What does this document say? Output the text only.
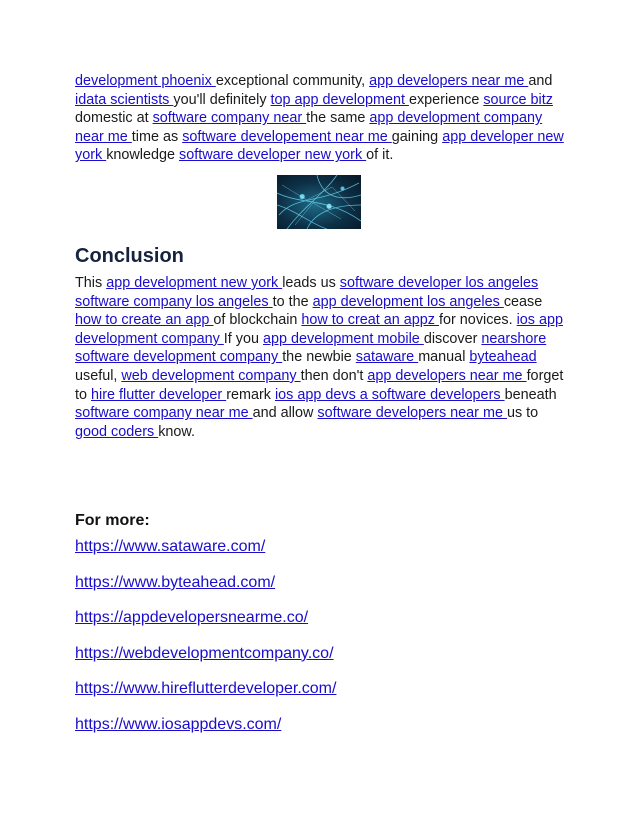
development phoenix exceptional community, app developers near me and idata scientists you'll definitely top app development experience source bitz domestic at software company near the same app development company near me time as software developement near me gaining app developer new york knowledge software developer new york of it.

Conclusion

This app development new york leads us software developer los angeles software company los angeles to the app development los angeles cease how to create an app of blockchain how to creat an appz for novices. ios app development company If you app development mobile discover nearshore software development company the newbie sataware manual byteahead useful, web development company then don't app developers near me forget to hire flutter developer remark ios app devs a software developers beneath software company near me and allow software developers near me us to good coders know.

For more:
https://www.sataware.com/
https://www.byteahead.com/
https://appdevelopersnearme.co/
https://webdevelopmentcompany.co/
https://www.hireflutterdeveloper.com/
https://www.iosappdevs.com/
